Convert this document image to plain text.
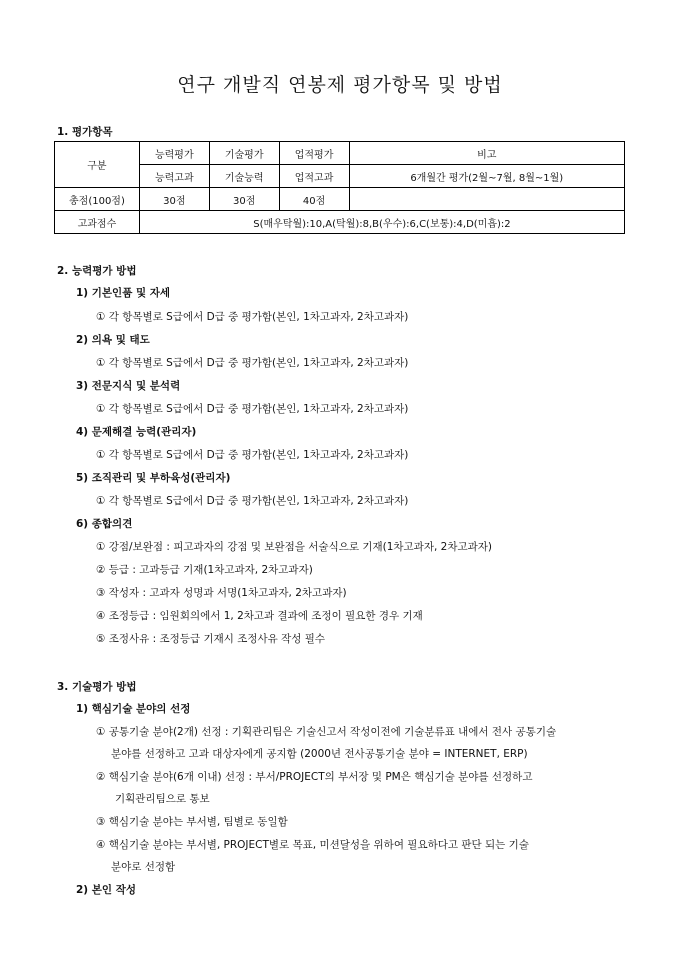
연구 개발직 연봉제 평가항목 및 방법
1. 평가항목
구분	능력평가	기술평가	업적평가	비고
	능력고과	기술능력	업적고과	6개월간 평가(2월~7월, 8월~1월)
총점(100점)	30점	30점	40점	
고과점수	S(매우탁월):10,A(탁월):8,B(우수):6,C(보통):4,D(미흡):2			
2. 능력평가 방법
1) 기본인품 및 자세
① 각 항목별로 S급에서 D급 중 평가함(본인, 1차고과자, 2차고과자)
2) 의욕 및 태도
① 각 항목별로 S급에서 D급 중 평가함(본인, 1차고과자, 2차고과자)
3) 전문지식 및 분석력
① 각 항목별로 S급에서 D급 중 평가함(본인, 1차고과자, 2차고과자)
4) 문제해결 능력(관리자)
① 각 항목별로 S급에서 D급 중 평가함(본인, 1차고과자, 2차고과자)
5) 조직관리 및 부하육성(관리자)
① 각 항목별로 S급에서 D급 중 평가함(본인, 1차고과자, 2차고과자)
6) 종합의견
① 강점/보완점 : 피고과자의 강점 및 보완점을 서술식으로 기재(1차고과자, 2차고과자)
② 등급 : 고과등급 기재(1차고과자, 2차고과자)
③ 작성자 : 고과자 성명과 서명(1차고과자, 2차고과자)
④ 조정등급 : 임원회의에서 1, 2차고과 결과에 조정이 필요한 경우 기재
⑤ 조정사유 : 조정등급 기재시 조정사유 작성 필수
3. 기술평가 방법
1) 핵심기술 분야의 선정
① 공통기술 분야(2개) 선정 : 기획관리팀은 기술신고서 작성이전에 기술분류표 내에서 전사 공통기술
분야를 선정하고 고과 대상자에게 공지함 (2000년 전사공통기술 분야 = INTERNET, ERP)
② 핵심기술 분야(6개 이내) 선정 : 부서/PROJECT의 부서장 및 PM은 핵심기술 분야를 선정하고
기획관리팀으로 통보
③ 핵심기술 분야는 부서별, 팀별로 동일함
④ 핵심기술 분야는 부서별, PROJECT별로 목표, 미션달성을 위하여 필요하다고 판단 되는 기술
분야로 선정함
2) 본인 작성
